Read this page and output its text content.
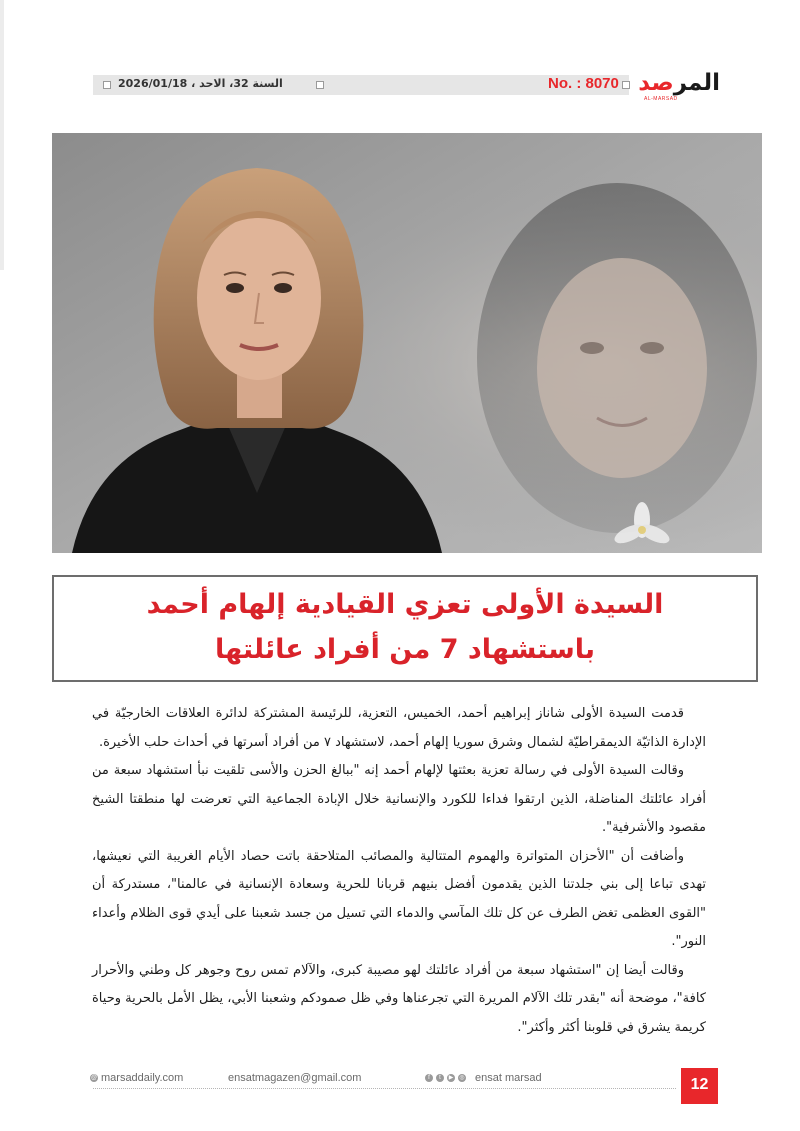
السنة 32، الاحد ، 2026/01/18	No. : 8070	المرصد
AL-MARSAD
السيدة الأولى تعزي القيادية إلهام أحمد
باستشهاد 7 من أفراد عائلتها

قدمت السيدة الأولى شاناز إبراهيم أحمد، الخميس، التعزية، للرئيسة المشتركة لدائرة العلاقات الخارجيّة في الإدارة الذاتيّة الديمقراطيّة لشمال وشرق سوريا إلهام أحمد، لاستشهاد ٧ من أفراد أسرتها في أحداث حلب الأخيرة.

وقالت السيدة الأولى في رسالة تعزية بعثتها لإلهام أحمد إنه "ببالغ الحزن والأسى تلقيت نبأ استشهاد سبعة من أفراد عائلتك المناضلة، الذين ارتقوا فداءا للكورد والإنسانية خلال الإبادة الجماعية التي تعرضت لها منطقتا الشيخ مقصود والأشرفية".

وأضافت أن "الأحزان المتواترة والهموم المتتالية والمصائب المتلاحقة باتت حصاد الأيام الغريبة التي نعيشها، تهدى تباعا إلى بني جلدتنا الذين يقدمون أفضل بنيهم قربانا للحرية وسعادة الإنسانية في عالمنا"، مستدركة أن "القوى العظمى تغض الطرف عن كل تلك المآسي والدماء التي تسيل من جسد شعبنا على أيدي قوى الظلام وأعداء النور".

وقالت أيضا إن "استشهاد سبعة من أفراد عائلتك لهو مصيبة كبرى، والآلام تمس روح وجوهر كل وطني والأحرار كافة"، موضحة أنه "بقدر تلك الآلام المريرة التي تجرعناها وفي ظل صمودكم وشعبنا الأبي، يظل الأمل بالحرية وحياة كريمة يشرق في قلوبنا أكثر وأكثر".

@ marsaddaily.com	ensatmagazen@gmail.com	f	t	▶ ◎ ensat marsad	12
